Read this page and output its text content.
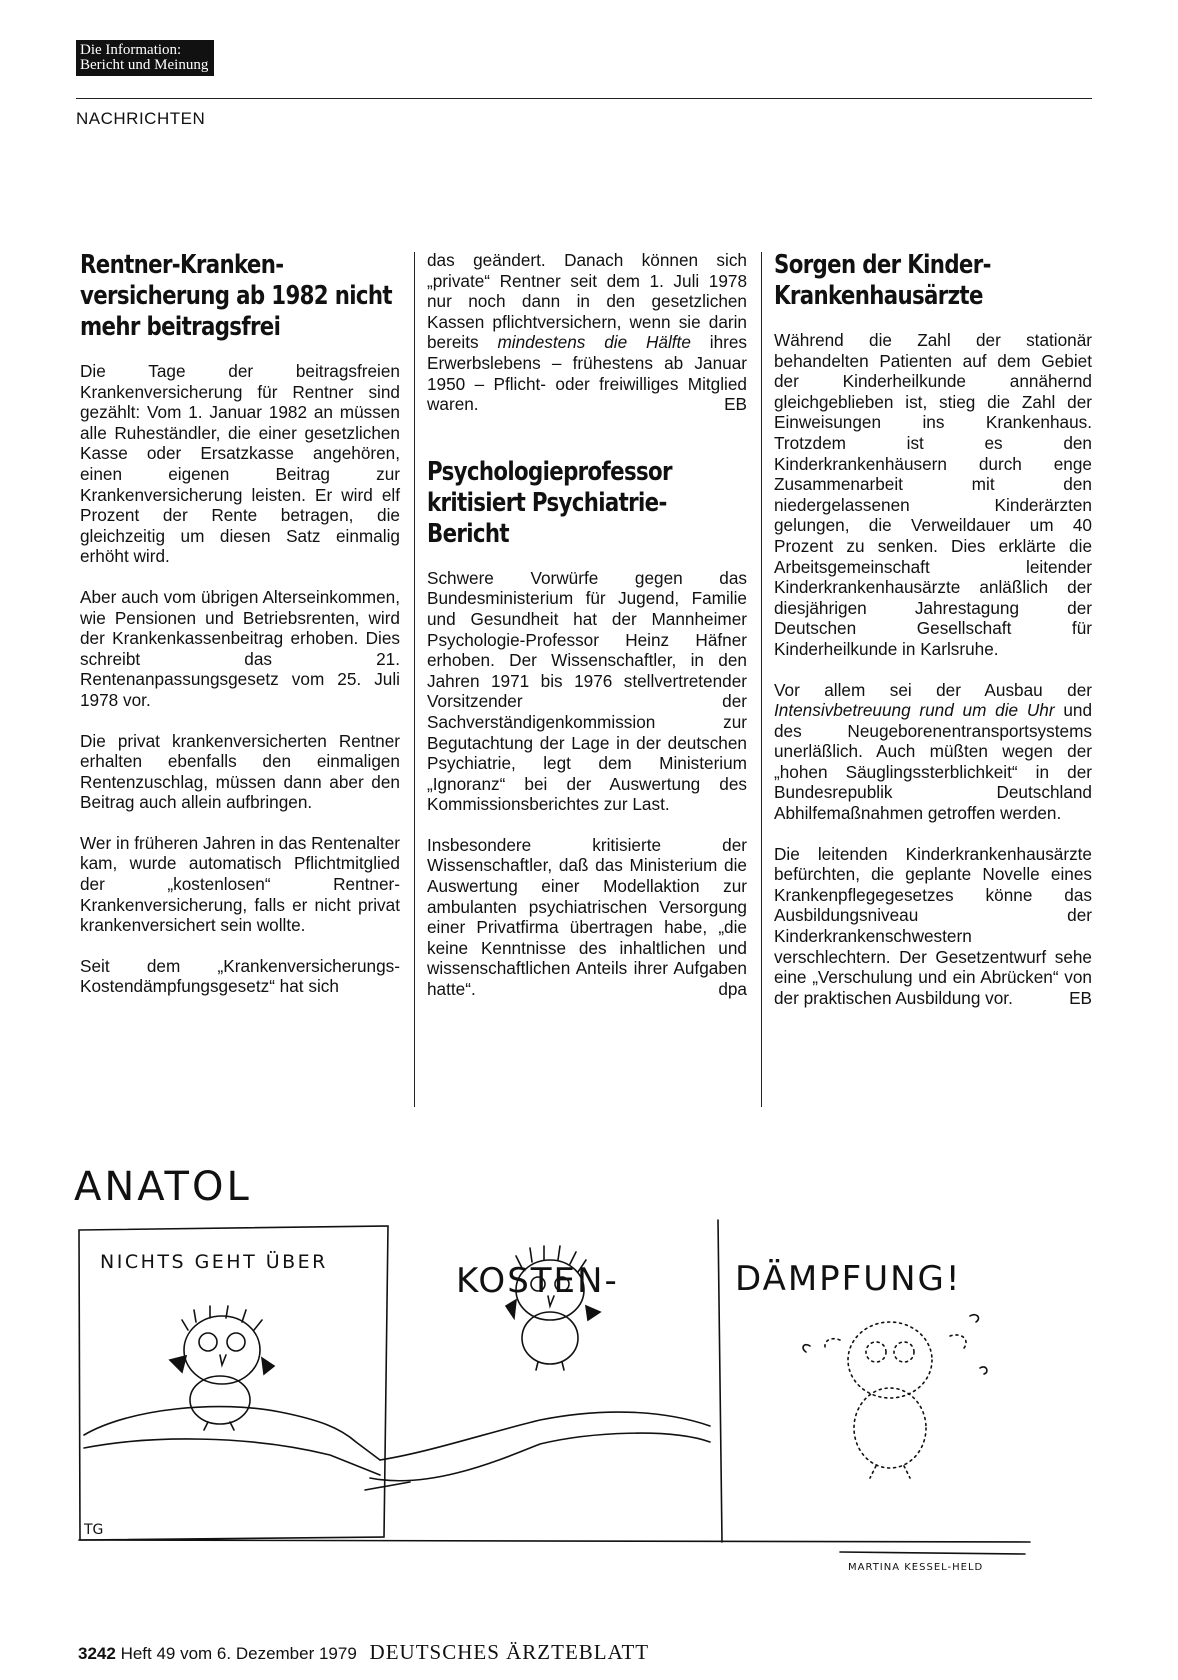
Die Information:
Bericht und Meinung
NACHRICHTEN
Rentner-Kranken-versicherung ab 1982 nicht mehr beitragsfrei

Die Tage der beitragsfreien Krankenversicherung für Rentner sind gezählt: Vom 1. Januar 1982 an müssen alle Ruheständler, die einer gesetzlichen Kasse oder Ersatzkasse angehören, einen eigenen Beitrag zur Krankenversicherung leisten. Er wird elf Prozent der Rente betragen, die gleichzeitig um diesen Satz einmalig erhöht wird.

Aber auch vom übrigen Alterseinkommen, wie Pensionen und Betriebsrenten, wird der Krankenkassenbeitrag erhoben. Dies schreibt das 21. Rentenanpassungsgesetz vom 25. Juli 1978 vor.

Die privat krankenversicherten Rentner erhalten ebenfalls den einmaligen Rentenzuschlag, müssen dann aber den Beitrag auch allein aufbringen.

Wer in früheren Jahren in das Rentenalter kam, wurde automatisch Pflichtmitglied der „kostenlosen“ Rentner-Krankenversicherung, falls er nicht privat krankenversichert sein wollte.

Seit dem „Krankenversicherungs-Kostendämpfungsgesetz“ hat sich

das geändert. Danach können sich „private“ Rentner seit dem 1. Juli 1978 nur noch dann in den gesetzlichen Kassen pflichtversichern, wenn sie darin bereits mindestens die Hälfte ihres Erwerbslebens – frühestens ab Januar 1950 – Pflicht- oder freiwilliges Mitglied waren.	EB

Psychologieprofessor kritisiert Psychiatrie-Bericht

Schwere Vorwürfe gegen das Bundesministerium für Jugend, Familie und Gesundheit hat der Mannheimer Psychologie-Professor Heinz Häfner erhoben. Der Wissenschaftler, in den Jahren 1971 bis 1976 stellvertretender Vorsitzender der Sachverständigenkommission zur Begutachtung der Lage in der deutschen Psychiatrie, legt dem Ministerium „Ignoranz“ bei der Auswertung des Kommissionsberichtes zur Last.

Insbesondere kritisierte der Wissenschaftler, daß das Ministerium die Auswertung einer Modellaktion zur ambulanten psychiatrischen Versorgung einer Privatfirma übertragen habe, „die keine Kenntnisse des inhaltlichen und wissenschaftlichen Anteils ihrer Aufgaben hatte“.	dpa

Sorgen der Kinder-Krankenhausärzte

Während die Zahl der stationär behandelten Patienten auf dem Gebiet der Kinderheilkunde annähernd gleichgeblieben ist, stieg die Zahl der Einweisungen ins Krankenhaus. Trotzdem ist es den Kinderkrankenhäusern durch enge Zusammenarbeit mit den niedergelassenen Kinderärzten gelungen, die Verweildauer um 40 Prozent zu senken. Dies erklärte die Arbeitsgemeinschaft leitender Kinderkrankenhausärzte anläßlich der diesjährigen Jahrestagung der Deutschen Gesellschaft für Kinderheilkunde in Karlsruhe.

Vor allem sei der Ausbau der Intensivbetreuung rund um die Uhr und des Neugeborenentransportsystems unerläßlich. Auch müßten wegen der „hohen Säuglingssterblichkeit“ in der Bundesrepublik Deutschland Abhilfemaßnahmen getroffen werden.

Die leitenden Kinderkrankenhausärzte befürchten, die geplante Novelle eines Krankenpflegegesetzes könne das Ausbildungsniveau der Kinderkrankenschwestern verschlechtern. Der Gesetzentwurf sehe eine „Verschulung und ein Abrücken“ von der praktischen Ausbildung vor.	EB

ANATOL
NICHTS GEHT ÜBER	KOSTEN-	DÄMPFUNG!
TG
MARTINA KESSEL-HELD
3242 Heft 49 vom 6. Dezember 1979 DEUTSCHES ÄRZTEBLATT
